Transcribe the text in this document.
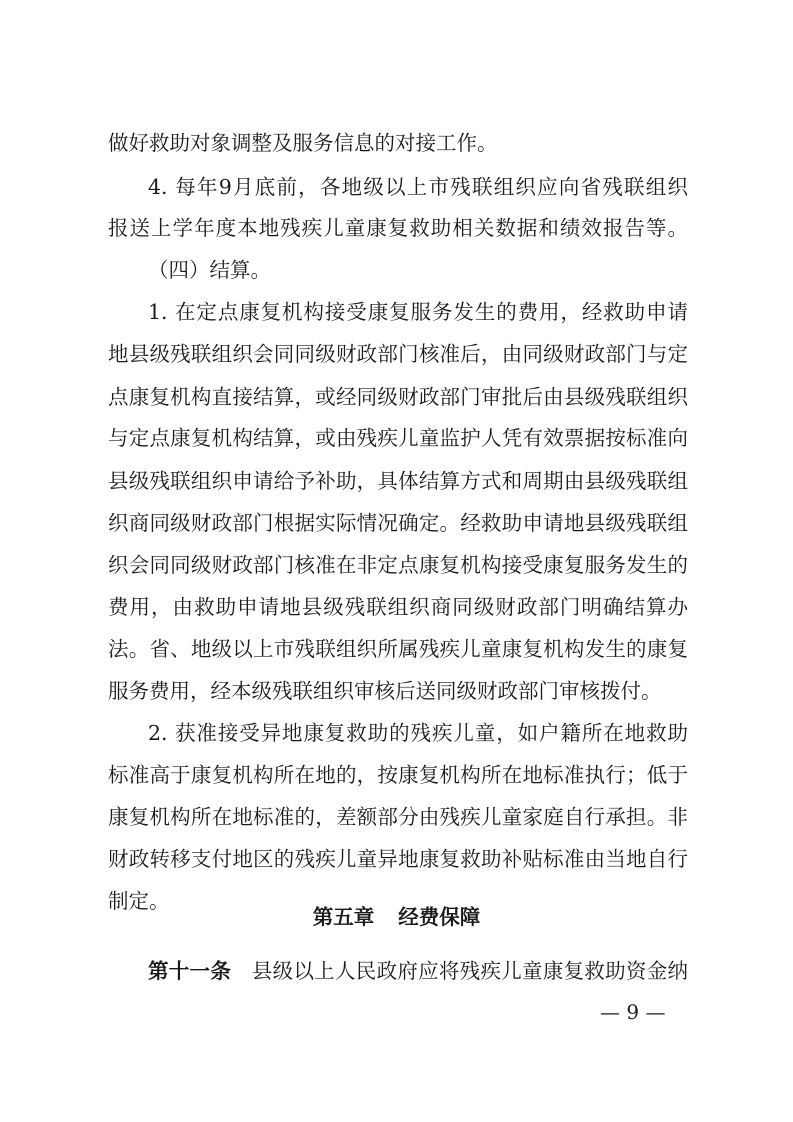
做好救助对象调整及服务信息的对接工作。
4. 每年9月底前，各地级以上市残联组织应向省残联组织
报送上学年度本地残疾儿童康复救助相关数据和绩效报告等。
（四）结算。
1. 在定点康复机构接受康复服务发生的费用，经救助申请
地县级残联组织会同同级财政部门核准后，由同级财政部门与定
点康复机构直接结算，或经同级财政部门审批后由县级残联组织
与定点康复机构结算，或由残疾儿童监护人凭有效票据按标准向
县级残联组织申请给予补助，具体结算方式和周期由县级残联组
织商同级财政部门根据实际情况确定。经救助申请地县级残联组
织会同同级财政部门核准在非定点康复机构接受康复服务发生的
费用，由救助申请地县级残联组织商同级财政部门明确结算办
法。省、地级以上市残联组织所属残疾儿童康复机构发生的康复
服务费用，经本级残联组织审核后送同级财政部门审核拨付。
2. 获准接受异地康复救助的残疾儿童，如户籍所在地救助
标准高于康复机构所在地的，按康复机构所在地标准执行；低于
康复机构所在地标准的，差额部分由残疾儿童家庭自行承担。非
财政转移支付地区的残疾儿童异地康复救助补贴标准由当地自行
制定。
第五章 经费保障
第十一条　 县级以上人民政府应将残疾儿童康复救助资金纳
— 9 —
